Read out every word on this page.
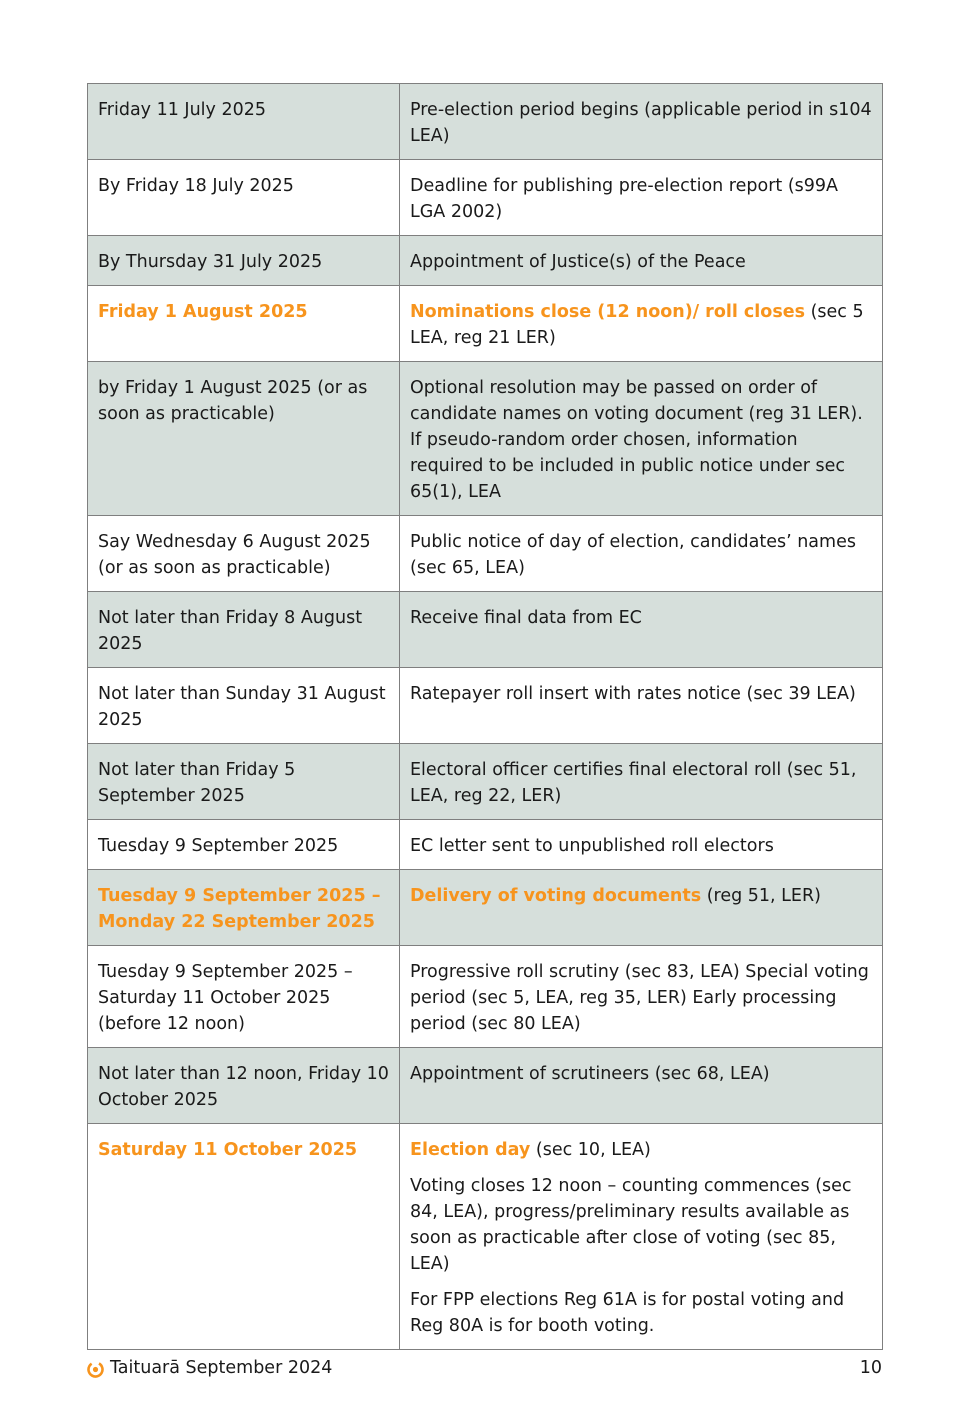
Friday 11 July 2025	Pre-election period begins (applicable period in s104 LEA)
By Friday 18 July 2025	Deadline for publishing pre-election report (s99A LGA 2002)
By Thursday 31 July 2025	Appointment of Justice(s) of the Peace
Friday 1 August 2025	Nominations close (12 noon)/ roll closes (sec 5 LEA, reg 21 LER)
by Friday 1 August 2025 (or as soon as practicable)	Optional resolution may be passed on order of candidate names on voting document (reg 31 LER). If pseudo-random order chosen, information required to be included in public notice under sec 65(1), LEA
Say Wednesday 6 August 2025 (or as soon as practicable)	Public notice of day of election, candidates’ names (sec 65, LEA)
Not later than Friday 8 August 2025	Receive final data from EC
Not later than Sunday 31 August 2025	Ratepayer roll insert with rates notice (sec 39 LEA)
Not later than Friday 5 September 2025	Electoral officer certifies final electoral roll (sec 51, LEA, reg 22, LER)
Tuesday 9 September 2025	EC letter sent to unpublished roll electors
Tuesday 9 September 2025 – Monday 22 September 2025	Delivery of voting documents (reg 51, LER)
Tuesday 9 September 2025 – Saturday 11 October 2025 (before 12 noon)	Progressive roll scrutiny (sec 83, LEA) Special voting period (sec 5, LEA, reg 35, LER) Early processing period (sec 80 LEA)
Not later than 12 noon, Friday 10 October 2025	Appointment of scrutineers (sec 68, LEA)
Saturday 11 October 2025	Election day (sec 10, LEA)
Voting closes 12 noon – counting commences (sec 84, LEA), progress/preliminary results available as soon as practicable after close of voting (sec 85, LEA)
For FPP elections Reg 61A is for postal voting and Reg 80A is for booth voting.
Taituarā September 2024	10
